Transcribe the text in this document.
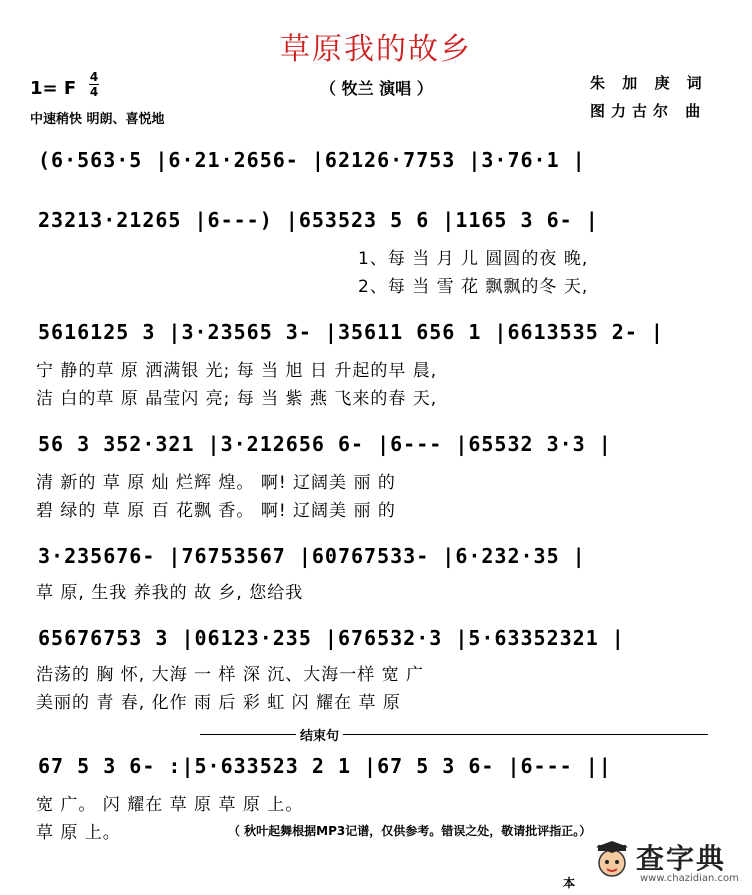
草原我的故乡
（ 牧兰 演唱 ）	朱 加 庚 词
图力古尔 曲
1= F
4
4
中速稍快 明朗、喜悦地
(6·563·5 |6·21·2656- |62126·7753 |3·76·1 |
23213·21265 |6---) |653523 5 6 |1165 3 6- |
1、每 当 月 儿 圆圆的夜 晚,
2、每 当 雪 花 飘飘的冬 天,
5616125 3 |3·23565 3- |35611 656 1 |6613535 2- |
宁 静的草 原 洒满银 光; 每 当 旭 日 升起的早 晨,
洁 白的草 原 晶莹闪 亮; 每 当 紫 燕 飞来的春 天,
56 3 352·321 |3·212656 6- |6--- |65532 3·3 |
清 新的 草 原 灿 烂辉 煌。 啊! 辽阔美 丽 的
碧 绿的 草 原 百 花飘 香。 啊! 辽阔美 丽 的
3·235676- |76753567 |60767533- |6·232·35 |
草 原, 生我 养我的 故 乡, 您给我
65676753 3 |06123·235 |676532·3 |5·63352321 |
浩荡的 胸 怀, 大海 一 样 深 沉、大海一样 宽 广
美丽的 青 春, 化作 雨 后 彩 虹 闪 耀在 草 原
结束句
67 5 3 6- :|5·633523 2 1 |67 5 3 6- |6--- ||
宽 广。 闪 耀在 草 原 草 原 上。
草 原 上。	（ 秋叶起舞根据MP3记谱，仅供参考。错误之处，敬请批评指正。）
本
查字典
www.chazidian.com
